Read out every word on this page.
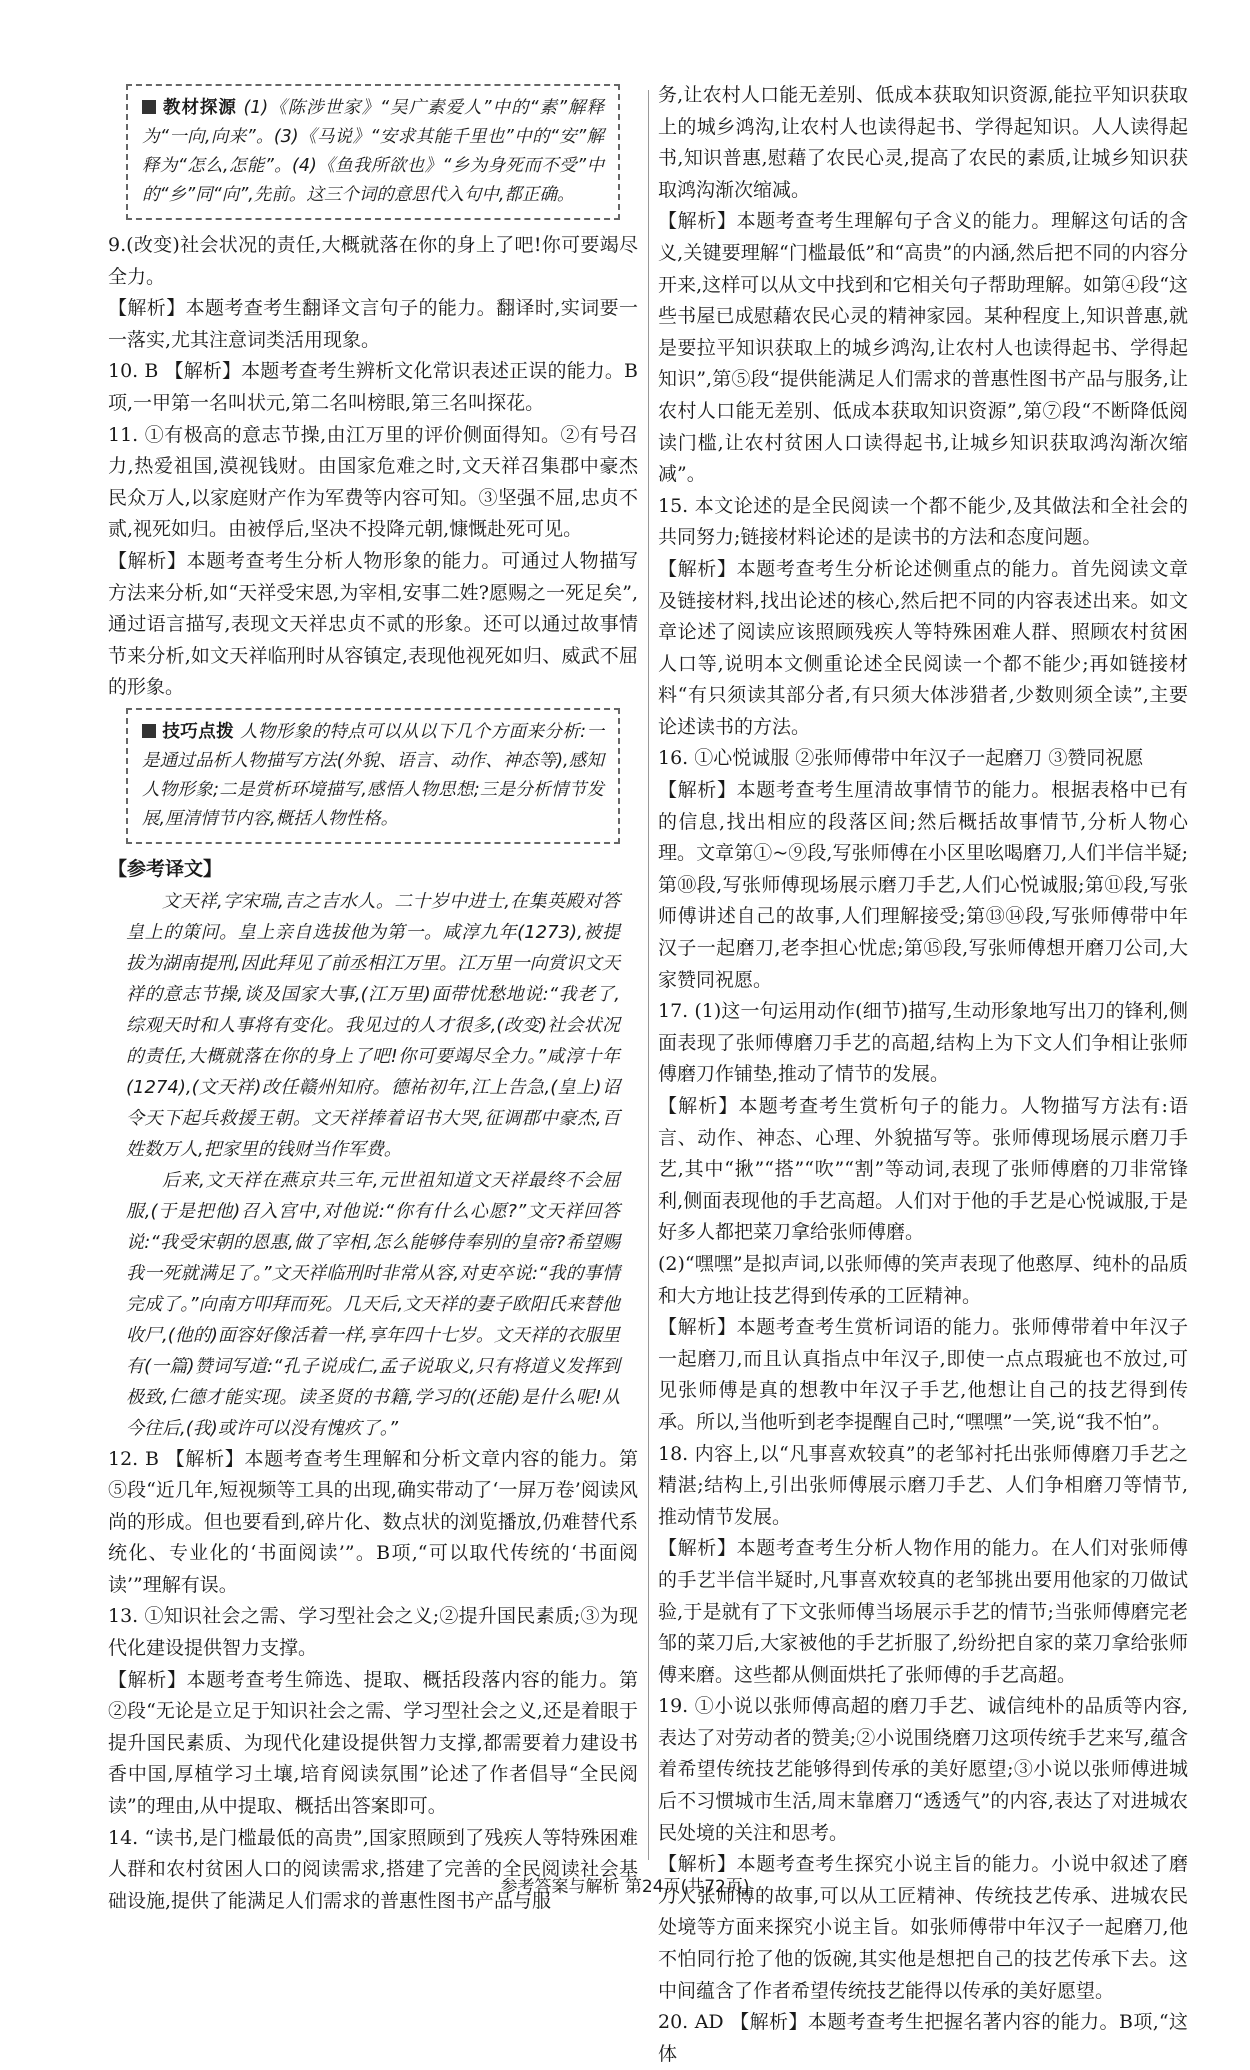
教材探源 (1)《陈涉世家》“吴广素爱人”中的“素”解释为“一向,向来”。(3)《马说》“安求其能千里也”中的“安”解释为“怎么,怎能”。(4)《鱼我所欲也》“乡为身死而不受”中的“乡”同“向”,先前。这三个词的意思代入句中,都正确。

9.(改变)社会状况的责任,大概就落在你的身上了吧!你可要竭尽全力。

【解析】本题考查考生翻译文言句子的能力。翻译时,实词要一一落实,尤其注意词类活用现象。

10. B 【解析】本题考查考生辨析文化常识表述正误的能力。B项,一甲第一名叫状元,第二名叫榜眼,第三名叫探花。

11. ①有极高的意志节操,由江万里的评价侧面得知。②有号召力,热爱祖国,漠视钱财。由国家危难之时,文天祥召集郡中豪杰民众万人,以家庭财产作为军费等内容可知。③坚强不屈,忠贞不贰,视死如归。由被俘后,坚决不投降元朝,慷慨赴死可见。

【解析】本题考查考生分析人物形象的能力。可通过人物描写方法来分析,如“天祥受宋恩,为宰相,安事二姓?愿赐之一死足矣”,通过语言描写,表现文天祥忠贞不贰的形象。还可以通过故事情节来分析,如文天祥临刑时从容镇定,表现他视死如归、威武不屈的形象。

技巧点拨 人物形象的特点可以从以下几个方面来分析:一是通过品析人物描写方法(外貌、语言、动作、神态等),感知人物形象;二是赏析环境描写,感悟人物思想;三是分析情节发展,厘清情节内容,概括人物性格。

【参考译文】

文天祥,字宋瑞,吉之吉水人。二十岁中进士,在集英殿对答皇上的策问。皇上亲自选拔他为第一。咸淳九年(1273),被提拔为湖南提刑,因此拜见了前丞相江万里。江万里一向赏识文天祥的意志节操,谈及国家大事,(江万里)面带忧愁地说:“我老了,综观天时和人事将有变化。我见过的人才很多,(改变)社会状况的责任,大概就落在你的身上了吧!你可要竭尽全力。”咸淳十年(1274),(文天祥)改任赣州知府。德祐初年,江上告急,(皇上)诏令天下起兵救援王朝。文天祥捧着诏书大哭,征调郡中豪杰,百姓数万人,把家里的钱财当作军费。

后来,文天祥在燕京共三年,元世祖知道文天祥最终不会屈服,(于是把他)召入宫中,对他说:“你有什么心愿?”文天祥回答说:“我受宋朝的恩惠,做了宰相,怎么能够侍奉别的皇帝?希望赐我一死就满足了。”文天祥临刑时非常从容,对吏卒说:“我的事情完成了。”向南方叩拜而死。几天后,文天祥的妻子欧阳氏来替他收尸,(他的)面容好像活着一样,享年四十七岁。文天祥的衣服里有(一篇)赞词写道:“孔子说成仁,孟子说取义,只有将道义发挥到极致,仁德才能实现。读圣贤的书籍,学习的(还能)是什么呢!从今往后,(我)或许可以没有愧疚了。”

12. B 【解析】本题考查考生理解和分析文章内容的能力。第⑤段“近几年,短视频等工具的出现,确实带动了‘一屏万卷’阅读风尚的形成。但也要看到,碎片化、数点状的浏览播放,仍难替代系统化、专业化的‘书面阅读’”。B项,“可以取代传统的‘书面阅读’”理解有误。

13. ①知识社会之需、学习型社会之义;②提升国民素质;③为现代化建设提供智力支撑。

【解析】本题考查考生筛选、提取、概括段落内容的能力。第②段“无论是立足于知识社会之需、学习型社会之义,还是着眼于提升国民素质、为现代化建设提供智力支撑,都需要着力建设书香中国,厚植学习土壤,培育阅读氛围”论述了作者倡导“全民阅读”的理由,从中提取、概括出答案即可。

14. “读书,是门槛最低的高贵”,国家照顾到了残疾人等特殊困难人群和农村贫困人口的阅读需求,搭建了完善的全民阅读社会基础设施,提供了能满足人们需求的普惠性图书产品与服

务,让农村人口能无差别、低成本获取知识资源,能拉平知识获取上的城乡鸿沟,让农村人也读得起书、学得起知识。人人读得起书,知识普惠,慰藉了农民心灵,提高了农民的素质,让城乡知识获取鸿沟渐次缩减。

【解析】本题考查考生理解句子含义的能力。理解这句话的含义,关键要理解“门槛最低”和“高贵”的内涵,然后把不同的内容分开来,这样可以从文中找到和它相关句子帮助理解。如第④段“这些书屋已成慰藉农民心灵的精神家园。某种程度上,知识普惠,就是要拉平知识获取上的城乡鸿沟,让农村人也读得起书、学得起知识”,第⑤段“提供能满足人们需求的普惠性图书产品与服务,让农村人口能无差别、低成本获取知识资源”,第⑦段“不断降低阅读门槛,让农村贫困人口读得起书,让城乡知识获取鸿沟渐次缩减”。

15. 本文论述的是全民阅读一个都不能少,及其做法和全社会的共同努力;链接材料论述的是读书的方法和态度问题。

【解析】本题考查考生分析论述侧重点的能力。首先阅读文章及链接材料,找出论述的核心,然后把不同的内容表述出来。如文章论述了阅读应该照顾残疾人等特殊困难人群、照顾农村贫困人口等,说明本文侧重论述全民阅读一个都不能少;再如链接材料“有只须读其部分者,有只须大体涉猎者,少数则须全读”,主要论述读书的方法。

16. ①心悦诚服 ②张师傅带中年汉子一起磨刀 ③赞同祝愿

【解析】本题考查考生厘清故事情节的能力。根据表格中已有的信息,找出相应的段落区间;然后概括故事情节,分析人物心理。文章第①~⑨段,写张师傅在小区里吆喝磨刀,人们半信半疑;第⑩段,写张师傅现场展示磨刀手艺,人们心悦诚服;第⑪段,写张师傅讲述自己的故事,人们理解接受;第⑬⑭段,写张师傅带中年汉子一起磨刀,老李担心忧虑;第⑮段,写张师傅想开磨刀公司,大家赞同祝愿。

17. (1)这一句运用动作(细节)描写,生动形象地写出刀的锋利,侧面表现了张师傅磨刀手艺的高超,结构上为下文人们争相让张师傅磨刀作铺垫,推动了情节的发展。

【解析】本题考查考生赏析句子的能力。人物描写方法有:语言、动作、神态、心理、外貌描写等。张师傅现场展示磨刀手艺,其中“揪”“搭”“吹”“割”等动词,表现了张师傅磨的刀非常锋利,侧面表现他的手艺高超。人们对于他的手艺是心悦诚服,于是好多人都把菜刀拿给张师傅磨。

(2)“嘿嘿”是拟声词,以张师傅的笑声表现了他憨厚、纯朴的品质和大方地让技艺得到传承的工匠精神。

【解析】本题考查考生赏析词语的能力。张师傅带着中年汉子一起磨刀,而且认真指点中年汉子,即使一点点瑕疵也不放过,可见张师傅是真的想教中年汉子手艺,他想让自己的技艺得到传承。所以,当他听到老李提醒自己时,“嘿嘿”一笑,说“我不怕”。

18. 内容上,以“凡事喜欢较真”的老邹衬托出张师傅磨刀手艺之精湛;结构上,引出张师傅展示磨刀手艺、人们争相磨刀等情节,推动情节发展。

【解析】本题考查考生分析人物作用的能力。在人们对张师傅的手艺半信半疑时,凡事喜欢较真的老邹挑出要用他家的刀做试验,于是就有了下文张师傅当场展示手艺的情节;当张师傅磨完老邹的菜刀后,大家被他的手艺折服了,纷纷把自家的菜刀拿给张师傅来磨。这些都从侧面烘托了张师傅的手艺高超。

19. ①小说以张师傅高超的磨刀手艺、诚信纯朴的品质等内容,表达了对劳动者的赞美;②小说围绕磨刀这项传统手艺来写,蕴含着希望传统技艺能够得到传承的美好愿望;③小说以张师傅进城后不习惯城市生活,周末靠磨刀“透透气”的内容,表达了对进城农民处境的关注和思考。

【解析】本题考查考生探究小说主旨的能力。小说中叙述了磨刀人张师傅的故事,可以从工匠精神、传统技艺传承、进城农民处境等方面来探究小说主旨。如张师傅带中年汉子一起磨刀,他不怕同行抢了他的饭碗,其实他是想把自己的技艺传承下去。这中间蕴含了作者希望传统技艺能得以传承的美好愿望。

20. AD 【解析】本题考查考生把握名著内容的能力。B项,“这体

参考答案与解析 第24页(共72页)
